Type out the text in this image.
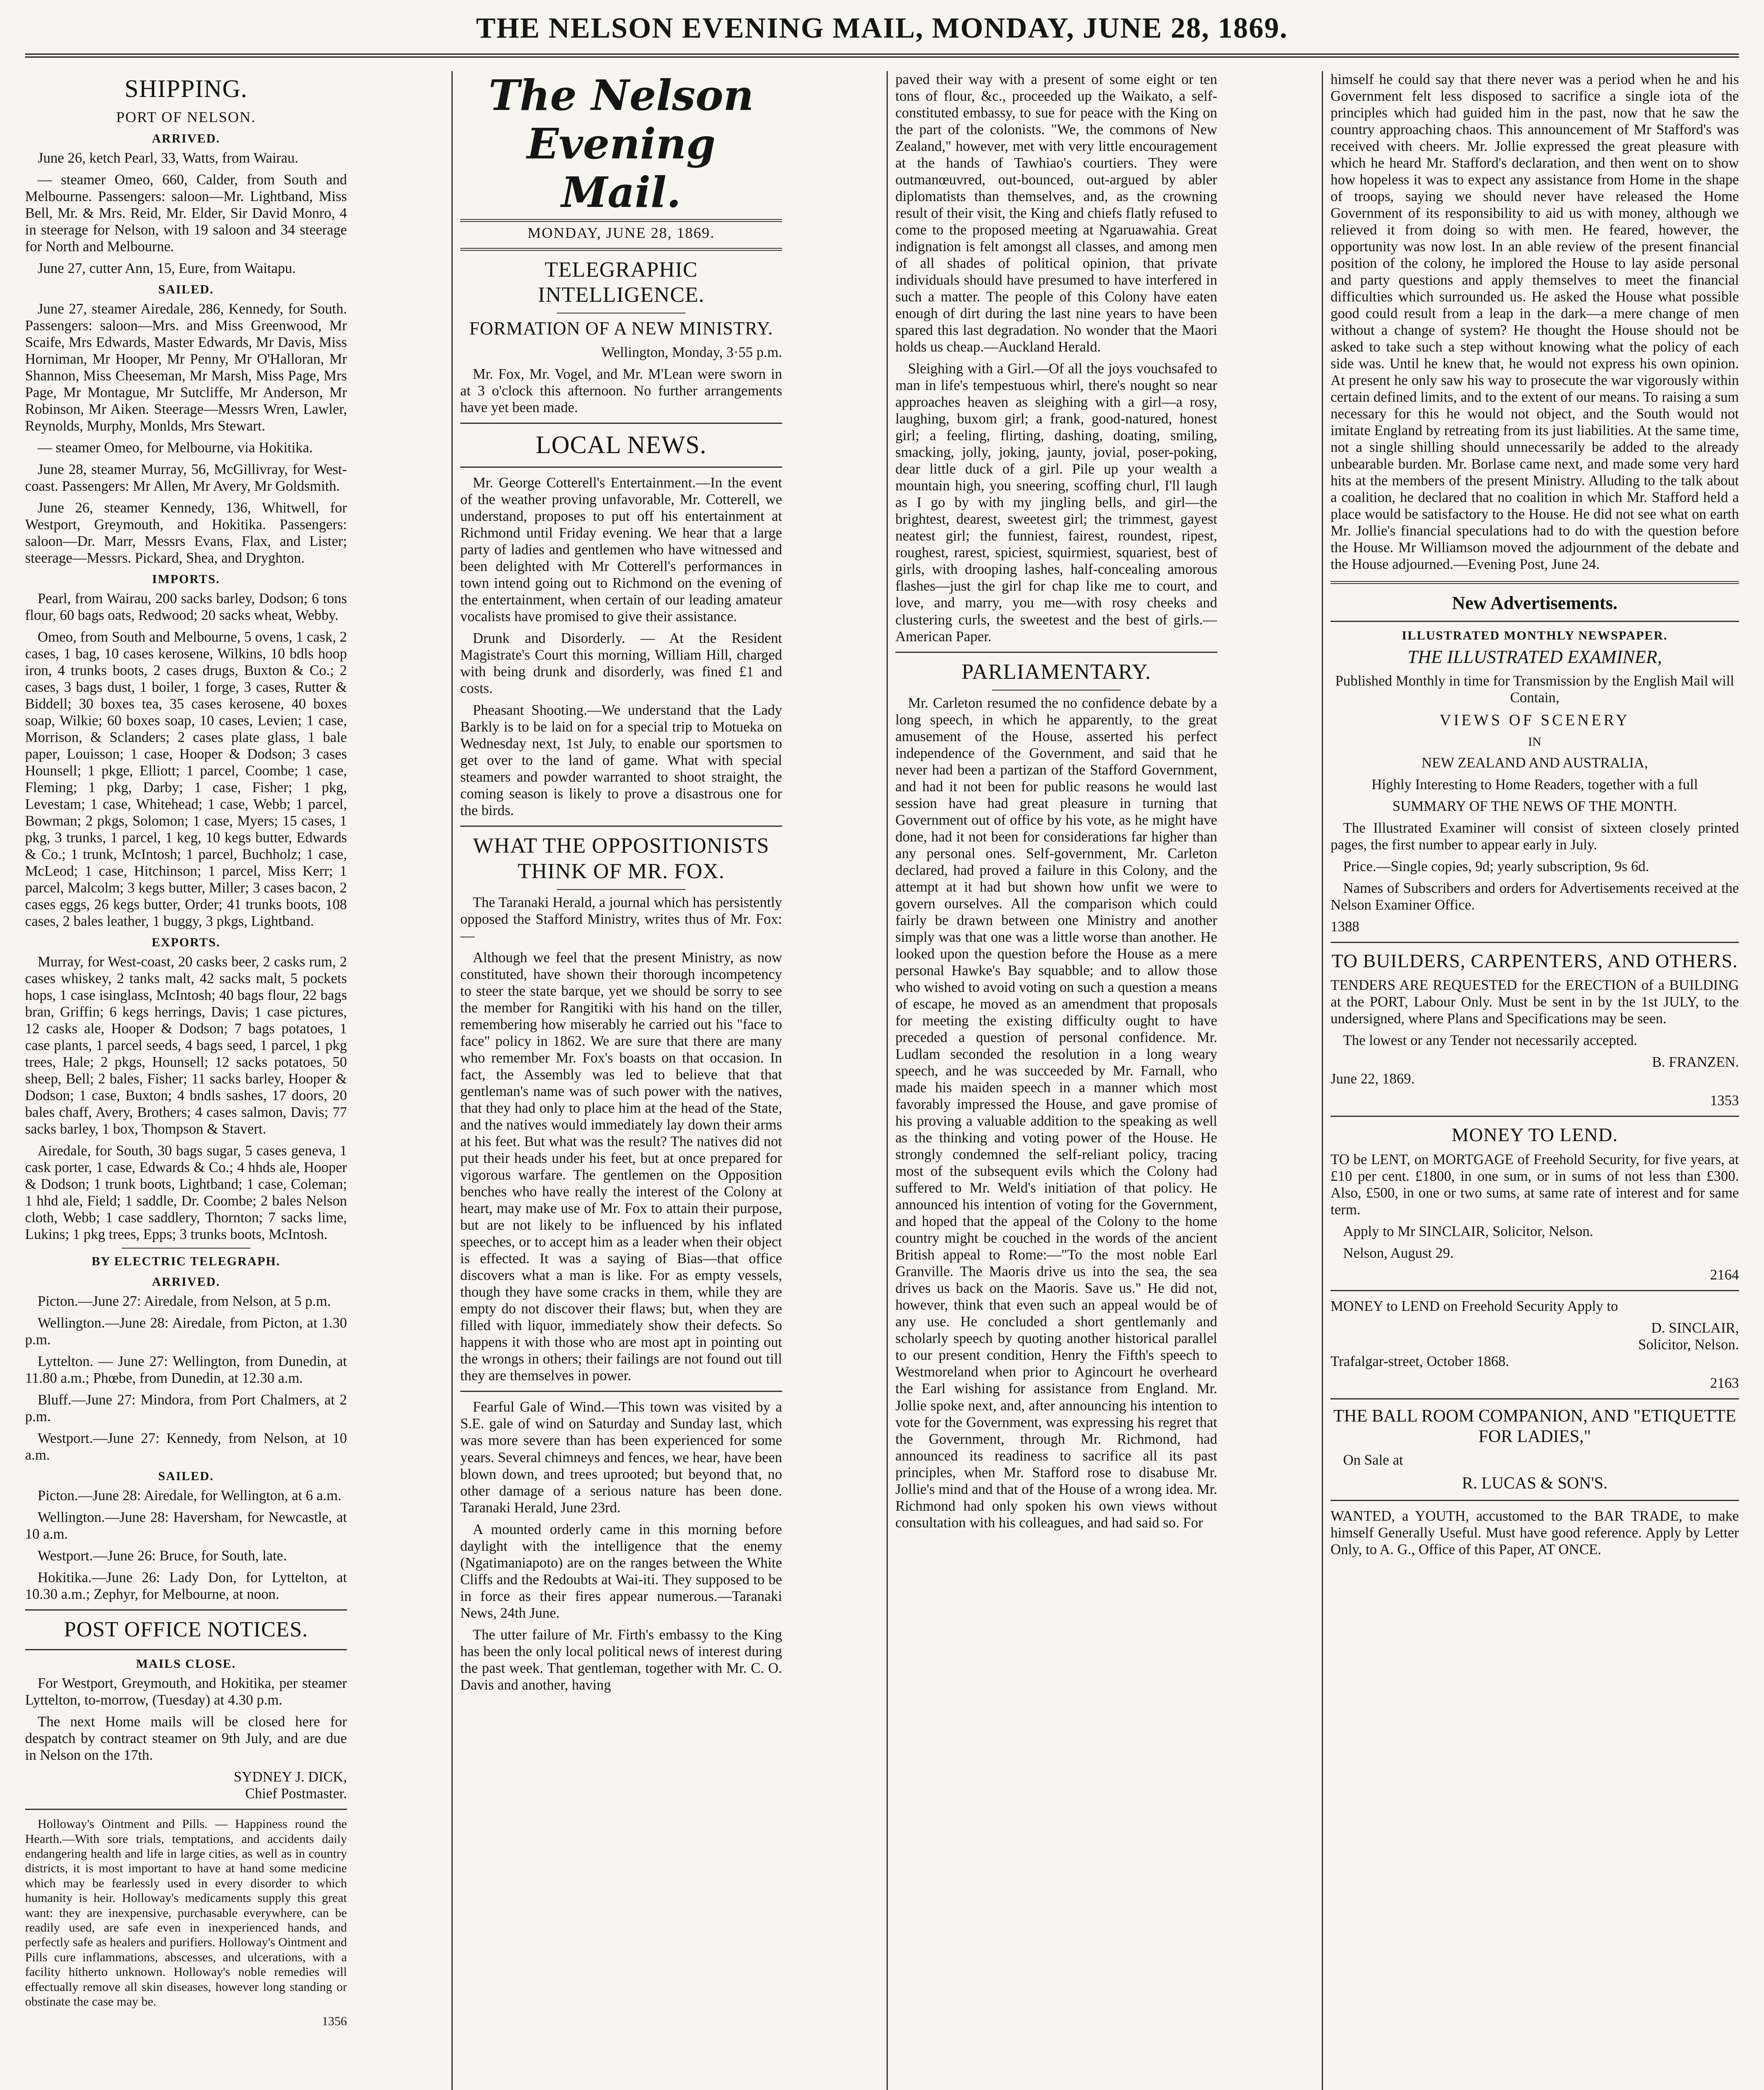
THE NELSON EVENING MAIL, MONDAY, JUNE 28, 1869.
SHIPPING.
PORT OF NELSON.
ARRIVED.

June 26, ketch Pearl, 33, Watts, from Wairau.

— steamer Omeo, 660, Calder, from South and Melbourne. Passengers: saloon—Mr. Lightband, Miss Bell, Mr. & Mrs. Reid, Mr. Elder, Sir David Monro, 4 in steerage for Nelson, with 19 saloon and 34 steerage for North and Melbourne.

June 27, cutter Ann, 15, Eure, from Waitapu.

SAILED.

June 27, steamer Airedale, 286, Kennedy, for South. Passengers: saloon—Mrs. and Miss Greenwood, Mr Scaife, Mrs Edwards, Master Edwards, Mr Davis, Miss Horniman, Mr Hooper, Mr Penny, Mr O'Halloran, Mr Shannon, Miss Cheeseman, Mr Marsh, Miss Page, Mrs Page, Mr Montague, Mr Sutcliffe, Mr Anderson, Mr Robinson, Mr Aiken. Steerage—Messrs Wren, Lawler, Reynolds, Murphy, Monlds, Mrs Stewart.

— steamer Omeo, for Melbourne, via Hokitika.

June 28, steamer Murray, 56, McGillivray, for West-coast. Passengers: Mr Allen, Mr Avery, Mr Goldsmith.

June 26, steamer Kennedy, 136, Whitwell, for Westport, Greymouth, and Hokitika. Passengers: saloon—Dr. Marr, Messrs Evans, Flax, and Lister; steerage—Messrs. Pickard, Shea, and Dryghton.

IMPORTS.

Pearl, from Wairau, 200 sacks barley, Dodson; 6 tons flour, 60 bags oats, Redwood; 20 sacks wheat, Webby.

Omeo, from South and Melbourne, 5 ovens, 1 cask, 2 cases, 1 bag, 10 cases kerosene, Wilkins, 10 bdls hoop iron, 4 trunks boots, 2 cases drugs, Buxton & Co.; 2 cases, 3 bags dust, 1 boiler, 1 forge, 3 cases, Rutter & Biddell; 30 boxes tea, 35 cases kerosene, 40 boxes soap, Wilkie; 60 boxes soap, 10 cases, Levien; 1 case, Morrison, & Sclanders; 2 cases plate glass, 1 bale paper, Louisson; 1 case, Hooper & Dodson; 3 cases Hounsell; 1 pkge, Elliott; 1 parcel, Coombe; 1 case, Fleming; 1 pkg, Darby; 1 case, Fisher; 1 pkg, Levestam; 1 case, Whitehead; 1 case, Webb; 1 parcel, Bowman; 2 pkgs, Solomon; 1 case, Myers; 15 cases, 1 pkg, 3 trunks, 1 parcel, 1 keg, 10 kegs butter, Edwards & Co.; 1 trunk, McIntosh; 1 parcel, Buchholz; 1 case, McLeod; 1 case, Hitchinson; 1 parcel, Miss Kerr; 1 parcel, Malcolm; 3 kegs butter, Miller; 3 cases bacon, 2 cases eggs, 26 kegs butter, Order; 41 trunks boots, 108 cases, 2 bales leather, 1 buggy, 3 pkgs, Lightband.

EXPORTS.

Murray, for West-coast, 20 casks beer, 2 casks rum, 2 cases whiskey, 2 tanks malt, 42 sacks malt, 5 pockets hops, 1 case isinglass, McIntosh; 40 bags flour, 22 bags bran, Griffin; 6 kegs herrings, Davis; 1 case pictures, 12 casks ale, Hooper & Dodson; 7 bags potatoes, 1 case plants, 1 parcel seeds, 4 bags seed, 1 parcel, 1 pkg trees, Hale; 2 pkgs, Hounsell; 12 sacks potatoes, 50 sheep, Bell; 2 bales, Fisher; 11 sacks barley, Hooper & Dodson; 1 case, Buxton; 4 bndls sashes, 17 doors, 20 bales chaff, Avery, Brothers; 4 cases salmon, Davis; 77 sacks barley, 1 box, Thompson & Stavert.

Airedale, for South, 30 bags sugar, 5 cases geneva, 1 cask porter, 1 case, Edwards & Co.; 4 hhds ale, Hooper & Dodson; 1 trunk boots, Lightband; 1 case, Coleman; 1 hhd ale, Field; 1 saddle, Dr. Coombe; 2 bales Nelson cloth, Webb; 1 case saddlery, Thornton; 7 sacks lime, Lukins; 1 pkg trees, Epps; 3 trunks boots, McIntosh.

BY ELECTRIC TELEGRAPH.
ARRIVED.

Picton.—June 27: Airedale, from Nelson, at 5 p.m.

Wellington.—June 28: Airedale, from Picton, at 1.30 p.m.

Lyttelton. — June 27: Wellington, from Dunedin, at 11.80 a.m.; Phœbe, from Dunedin, at 12.30 a.m.

Bluff.—June 27: Mindora, from Port Chalmers, at 2 p.m.

Westport.—June 27: Kennedy, from Nelson, at 10 a.m.

SAILED.

Picton.—June 28: Airedale, for Wellington, at 6 a.m.

Wellington.—June 28: Haversham, for Newcastle, at 10 a.m.

Westport.—June 26: Bruce, for South, late.

Hokitika.—June 26: Lady Don, for Lyttelton, at 10.30 a.m.; Zephyr, for Melbourne, at noon.

POST OFFICE NOTICES.
MAILS CLOSE.

For Westport, Greymouth, and Hokitika, per steamer Lyttelton, to-morrow, (Tuesday) at 4.30 p.m.

The next Home mails will be closed here for despatch by contract steamer on 9th July, and are due in Nelson on the 17th.

SYDNEY J. DICK,

Chief Postmaster.

Holloway's Ointment and Pills. — Happiness round the Hearth.—With sore trials, temptations, and accidents daily endangering health and life in large cities, as well as in country districts, it is most important to have at hand some medicine which may be fearlessly used in every disorder to which humanity is heir. Holloway's medicaments supply this great want: they are inexpensive, purchasable everywhere, can be readily used, are safe even in inexperienced hands, and perfectly safe as healers and purifiers. Holloway's Ointment and Pills cure inflammations, abscesses, and ulcerations, with a facility hitherto unknown. Holloway's noble remedies will effectually remove all skin diseases, however long standing or obstinate the case may be.

1356

The Nelson Evening Mail.
MONDAY, JUNE 28, 1869.
TELEGRAPHIC INTELLIGENCE.
FORMATION OF A NEW MINISTRY.

Wellington, Monday, 3·55 p.m.

Mr. Fox, Mr. Vogel, and Mr. M'Lean were sworn in at 3 o'clock this afternoon. No further arrangements have yet been made.

LOCAL NEWS.

Mr. George Cotterell's Entertainment.—In the event of the weather proving unfavorable, Mr. Cotterell, we understand, proposes to put off his entertainment at Richmond until Friday evening. We hear that a large party of ladies and gentlemen who have witnessed and been delighted with Mr Cotterell's performances in town intend going out to Richmond on the evening of the entertainment, when certain of our leading amateur vocalists have promised to give their assistance.

Drunk and Disorderly. — At the Resident Magistrate's Court this morning, William Hill, charged with being drunk and disorderly, was fined £1 and costs.

Pheasant Shooting.—We understand that the Lady Barkly is to be laid on for a special trip to Motueka on Wednesday next, 1st July, to enable our sportsmen to get over to the land of game. What with special steamers and powder warranted to shoot straight, the coming season is likely to prove a disastrous one for the birds.

WHAT THE OPPOSITIONISTS THINK OF MR. FOX.

The Taranaki Herald, a journal which has persistently opposed the Stafford Ministry, writes thus of Mr. Fox:—

Although we feel that the present Ministry, as now constituted, have shown their thorough incompetency to steer the state barque, yet we should be sorry to see the member for Rangitiki with his hand on the tiller, remembering how miserably he carried out his "face to face" policy in 1862. We are sure that there are many who remember Mr. Fox's boasts on that occasion. In fact, the Assembly was led to believe that that gentleman's name was of such power with the natives, that they had only to place him at the head of the State, and the natives would immediately lay down their arms at his feet. But what was the result? The natives did not put their heads under his feet, but at once prepared for vigorous warfare. The gentlemen on the Opposition benches who have really the interest of the Colony at heart, may make use of Mr. Fox to attain their purpose, but are not likely to be influenced by his inflated speeches, or to accept him as a leader when their object is effected. It was a saying of Bias—that office discovers what a man is like. For as empty vessels, though they have some cracks in them, while they are empty do not discover their flaws; but, when they are filled with liquor, immediately show their defects. So happens it with those who are most apt in pointing out the wrongs in others; their failings are not found out till they are themselves in power.

Fearful Gale of Wind.—This town was visited by a S.E. gale of wind on Saturday and Sunday last, which was more severe than has been experienced for some years. Several chimneys and fences, we hear, have been blown down, and trees uprooted; but beyond that, no other damage of a serious nature has been done. Taranaki Herald, June 23rd.

A mounted orderly came in this morning before daylight with the intelligence that the enemy (Ngatimaniapoto) are on the ranges between the White Cliffs and the Redoubts at Wai-iti. They supposed to be in force as their fires appear numerous.—Taranaki News, 24th June.

The utter failure of Mr. Firth's embassy to the King has been the only local political news of interest during the past week. That gentleman, together with Mr. C. O. Davis and another, having

paved their way with a present of some eight or ten tons of flour, &c., proceeded up the Waikato, a self-constituted embassy, to sue for peace with the King on the part of the colonists. "We, the commons of New Zealand," however, met with very little encouragement at the hands of Tawhiao's courtiers. They were outmanœuvred, out-bounced, out-argued by abler diplomatists than themselves, and, as the crowning result of their visit, the King and chiefs flatly refused to come to the proposed meeting at Ngaruawahia. Great indignation is felt amongst all classes, and among men of all shades of political opinion, that private individuals should have presumed to have interfered in such a matter. The people of this Colony have eaten enough of dirt during the last nine years to have been spared this last degradation. No wonder that the Maori holds us cheap.—Auckland Herald.

Sleighing with a Girl.—Of all the joys vouchsafed to man in life's tempestuous whirl, there's nought so near approaches heaven as sleighing with a girl—a rosy, laughing, buxom girl; a frank, good-natured, honest girl; a feeling, flirting, dashing, doating, smiling, smacking, jolly, joking, jaunty, jovial, poser-poking, dear little duck of a girl. Pile up your wealth a mountain high, you sneering, scoffing churl, I'll laugh as I go by with my jingling bells, and girl—the brightest, dearest, sweetest girl; the trimmest, gayest neatest girl; the funniest, fairest, roundest, ripest, roughest, rarest, spiciest, squirmiest, squariest, best of girls, with drooping lashes, half-concealing amorous flashes—just the girl for chap like me to court, and love, and marry, you me—with rosy cheeks and clustering curls, the sweetest and the best of girls.—American Paper.

PARLIAMENTARY.

Mr. Carleton resumed the no confidence debate by a long speech, in which he apparently, to the great amusement of the House, asserted his perfect independence of the Government, and said that he never had been a partizan of the Stafford Government, and had it not been for public reasons he would last session have had great pleasure in turning that Government out of office by his vote, as he might have done, had it not been for considerations far higher than any personal ones. Self-government, Mr. Carleton declared, had proved a failure in this Colony, and the attempt at it had but shown how unfit we were to govern ourselves. All the comparison which could fairly be drawn between one Ministry and another simply was that one was a little worse than another. He looked upon the question before the House as a mere personal Hawke's Bay squabble; and to allow those who wished to avoid voting on such a question a means of escape, he moved as an amendment that proposals for meeting the existing difficulty ought to have preceded a question of personal confidence. Mr. Ludlam seconded the resolution in a long weary speech, and he was succeeded by Mr. Farnall, who made his maiden speech in a manner which most favorably impressed the House, and gave promise of his proving a valuable addition to the speaking as well as the thinking and voting power of the House. He strongly condemned the self-reliant policy, tracing most of the subsequent evils which the Colony had suffered to Mr. Weld's initiation of that policy. He announced his intention of voting for the Government, and hoped that the appeal of the Colony to the home country might be couched in the words of the ancient British appeal to Rome:—"To the most noble Earl Granville. The Maoris drive us into the sea, the sea drives us back on the Maoris. Save us." He did not, however, think that even such an appeal would be of any use. He concluded a short gentlemanly and scholarly speech by quoting another historical parallel to our present condition, Henry the Fifth's speech to Westmoreland when prior to Agincourt he overheard the Earl wishing for assistance from England. Mr. Jollie spoke next, and, after announcing his intention to vote for the Government, was expressing his regret that the Government, through Mr. Richmond, had announced its readiness to sacrifice all its past principles, when Mr. Stafford rose to disabuse Mr. Jollie's mind and that of the House of a wrong idea. Mr. Richmond had only spoken his own views without consultation with his colleagues, and had said so. For

himself he could say that there never was a period when he and his Government felt less disposed to sacrifice a single iota of the principles which had guided him in the past, now that he saw the country approaching chaos. This announcement of Mr Stafford's was received with cheers. Mr. Jollie expressed the great pleasure with which he heard Mr. Stafford's declaration, and then went on to show how hopeless it was to expect any assistance from Home in the shape of troops, saying we should never have released the Home Government of its responsibility to aid us with money, although we relieved it from doing so with men. He feared, however, the opportunity was now lost. In an able review of the present financial position of the colony, he implored the House to lay aside personal and party questions and apply themselves to meet the financial difficulties which surrounded us. He asked the House what possible good could result from a leap in the dark—a mere change of men without a change of system? He thought the House should not be asked to take such a step without knowing what the policy of each side was. Until he knew that, he would not express his own opinion. At present he only saw his way to prosecute the war vigorously within certain defined limits, and to the extent of our means. To raising a sum necessary for this he would not object, and the South would not imitate England by retreating from its just liabilities. At the same time, not a single shilling should unnecessarily be added to the already unbearable burden. Mr. Borlase came next, and made some very hard hits at the members of the present Ministry. Alluding to the talk about a coalition, he declared that no coalition in which Mr. Stafford held a place would be satisfactory to the House. He did not see what on earth Mr. Jollie's financial speculations had to do with the question before the House. Mr Williamson moved the adjournment of the debate and the House adjourned.—Evening Post, June 24.

New Advertisements.
ILLUSTRATED MONTHLY NEWSPAPER.

THE ILLUSTRATED EXAMINER,

Published Monthly in time for Transmission by the English Mail will Contain,

VIEWS OF SCENERY

IN

NEW ZEALAND AND AUSTRALIA,

Highly Interesting to Home Readers, together with a full

SUMMARY OF THE NEWS OF THE MONTH.

The Illustrated Examiner will consist of sixteen closely printed pages, the first number to appear early in July.

Price.—Single copies, 9d; yearly subscription, 9s 6d.

Names of Subscribers and orders for Advertisements received at the Nelson Examiner Office.

1388

TO BUILDERS, CARPENTERS, AND OTHERS.

TENDERS ARE REQUESTED for the ERECTION of a BUILDING at the PORT, Labour Only. Must be sent in by the 1st JULY, to the undersigned, where Plans and Specifications may be seen.

The lowest or any Tender not necessarily accepted.

B. FRANZEN.

June 22, 1869.

1353

MONEY TO LEND.

TO be LENT, on MORTGAGE of Freehold Security, for five years, at £10 per cent. £1800, in one sum, or in sums of not less than £300. Also, £500, in one or two sums, at same rate of interest and for same term.

Apply to Mr SINCLAIR, Solicitor, Nelson.

Nelson, August 29.

2164

MONEY to LEND on Freehold Security Apply to

D. SINCLAIR,

Solicitor, Nelson.

Trafalgar-street, October 1868.

2163

THE BALL ROOM COMPANION, AND "ETIQUETTE FOR LADIES,"

On Sale at

R. LUCAS & SON'S.

WANTED, a YOUTH, accustomed to the BAR TRADE, to make himself Generally Useful. Must have good reference. Apply by Letter Only, to A. G., Office of this Paper, AT ONCE.
